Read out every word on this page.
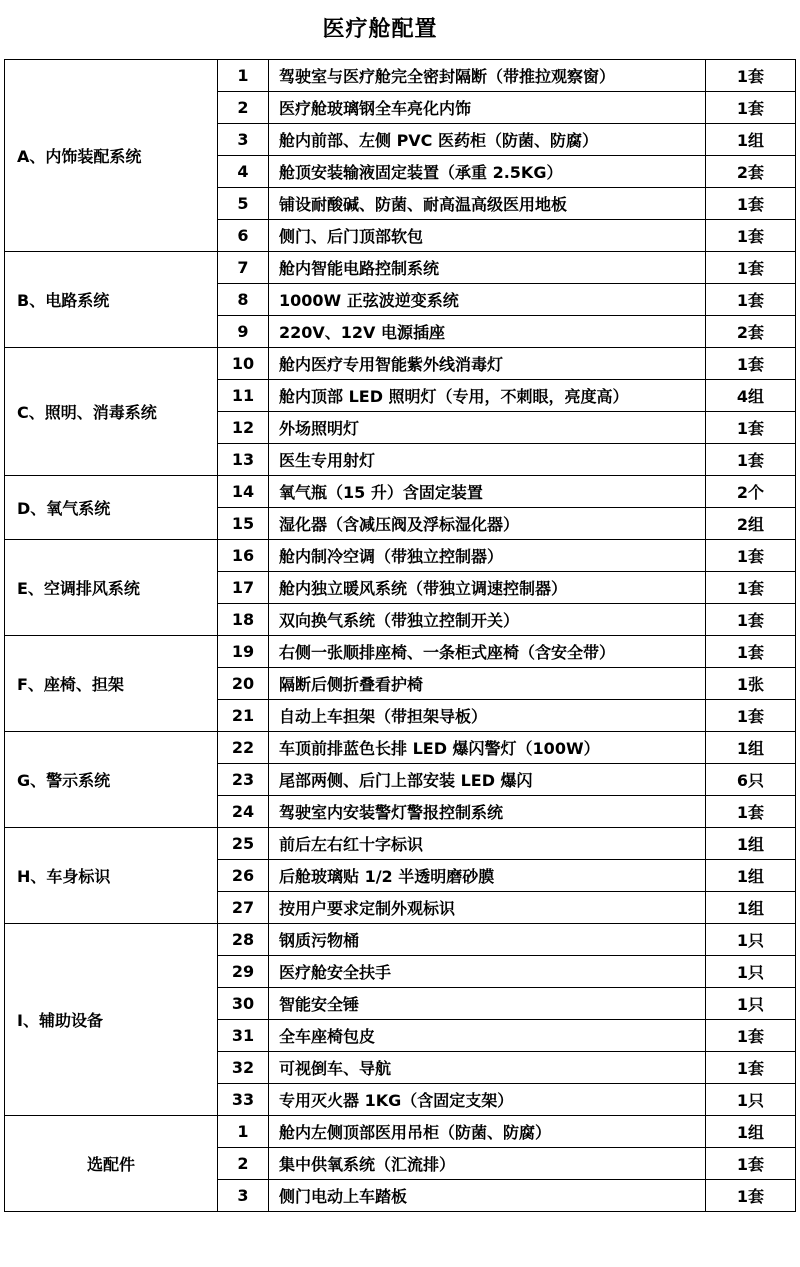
医疗舱配置
A、内饰装配系统	1	驾驶室与医疗舱完全密封隔断（带推拉观察窗）	1套
	2	医疗舱玻璃钢全车亮化内饰	1套
	3	舱内前部、左侧 PVC 医药柜（防菌、防腐）	1组
	4	舱顶安装输液固定装置（承重 2.5KG）	2套
	5	铺设耐酸碱、防菌、耐高温高级医用地板	1套
	6	侧门、后门顶部软包	1套
B、电路系统	7	舱内智能电路控制系统	1套
	8	1000W 正弦波逆变系统	1套
	9	220V、12V 电源插座	2套
C、照明、消毒系统	10	舱内医疗专用智能紫外线消毒灯	1套
	11	舱内顶部 LED 照明灯（专用，不刺眼，亮度高）	4组
	12	外场照明灯	1套
	13	医生专用射灯	1套
D、氧气系统	14	氧气瓶（15 升）含固定装置	2个
	15	湿化器（含减压阀及浮标湿化器）	2组
E、空调排风系统	16	舱内制冷空调（带独立控制器）	1套
	17	舱内独立暖风系统（带独立调速控制器）	1套
	18	双向换气系统（带独立控制开关）	1套
F、座椅、担架	19	右侧一张顺排座椅、一条柜式座椅（含安全带）	1套
	20	隔断后侧折叠看护椅	1张
	21	自动上车担架（带担架导板）	1套
G、警示系统	22	车顶前排蓝色长排 LED 爆闪警灯（100W）	1组
	23	尾部两侧、后门上部安装 LED 爆闪	6只
	24	驾驶室内安装警灯警报控制系统	1套
H、车身标识	25	前后左右红十字标识	1组
	26	后舱玻璃贴 1/2 半透明磨砂膜	1组
	27	按用户要求定制外观标识	1组
I、辅助设备	28	钢质污物桶	1只
	29	医疗舱安全扶手	1只
	30	智能安全锤	1只
	31	全车座椅包皮	1套
	32	可视倒车、导航	1套
	33	专用灭火器 1KG（含固定支架）	1只
选配件	1	舱内左侧顶部医用吊柜（防菌、防腐）	1组
	2	集中供氧系统（汇流排）	1套
	3	侧门电动上车踏板	1套
